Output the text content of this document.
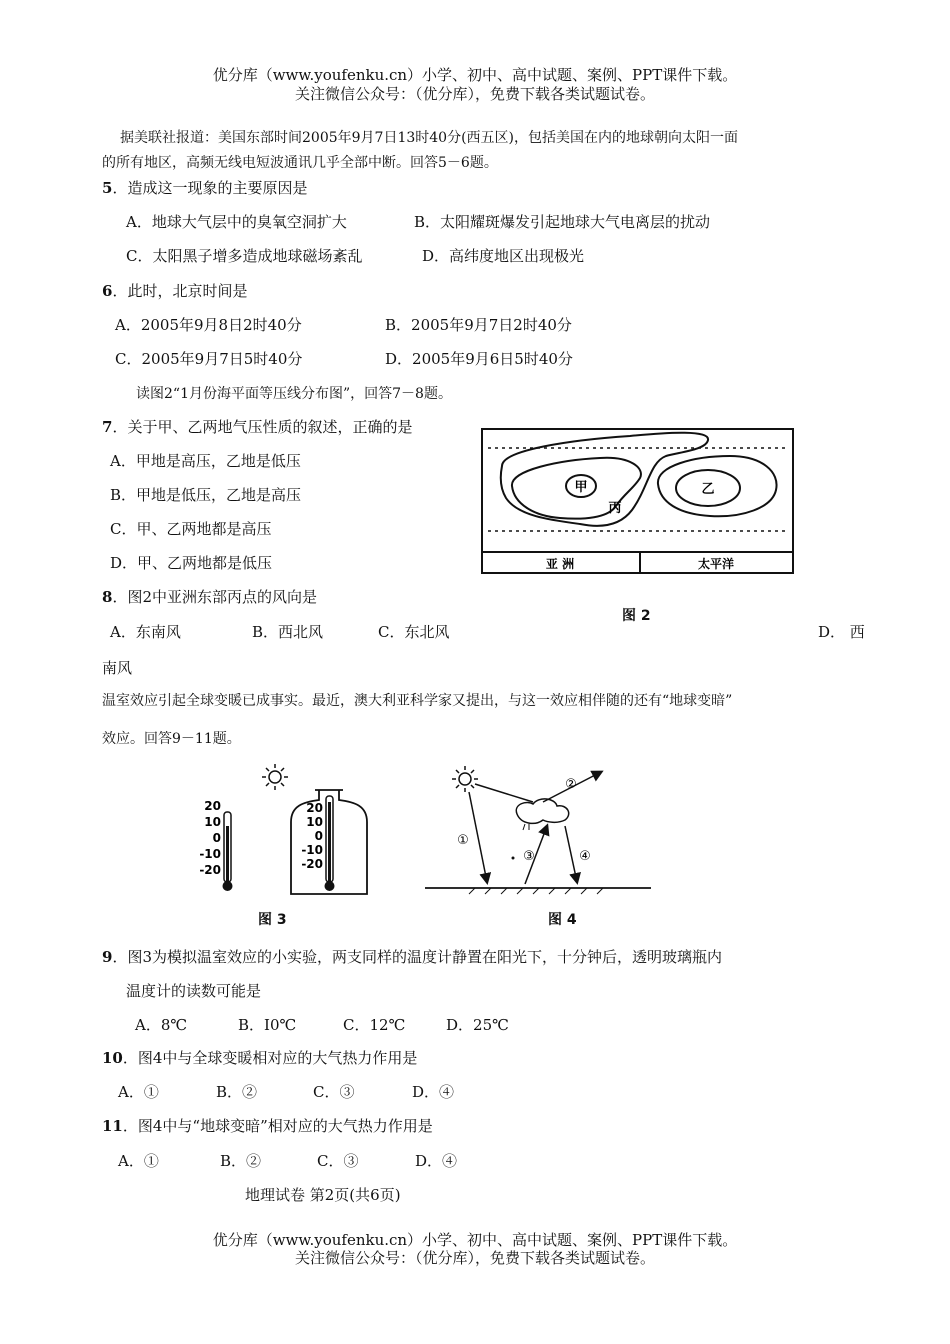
优分库（www.youfenku.cn）小学、初中、高中试题、案例、PPT课件下载。
关注微信公众号：（优分库），免费下载各类试题试卷。
据美联社报道：美国东部时间2005年9月7日13时40分(西五区)，包括美国在内的地球朝向太阳一面
的所有地区，高频无线电短波通讯几乎全部中断。回答5－6题。
5．造成这一现象的主要原因是
A．地球大气层中的臭氧空洞扩大	B．太阳耀斑爆发引起地球大气电离层的扰动
C．太阳黑子增多造成地球磁场紊乱	D．高纬度地区出现极光
6．此时，北京时间是
A．2005年9月8日2时40分	B．2005年9月7日2时40分
C．2005年9月7日5时40分	D．2005年9月6日5时40分
读图2“1月份海平面等压线分布图”，回答7－8题。
7．关于甲、乙两地气压性质的叙述，正确的是
A．甲地是高压，乙地是低压
B．甲地是低压，乙地是高压
C．甲、乙两地都是高压
D．甲、乙两地都是低压
甲
丙
乙
亚 洲	太平洋
图 2
8．图2中亚洲东部丙点的风向是
A．东南风	B．西北风	C．东北风	D． 西
南风
温室效应引起全球变暖已成事实。最近，澳大利亚科学家又提出，与这一效应相伴随的还有“地球变暗”
效应。回答9－11题。
20
10
0
-10
-20
20
10
0
-10
-20
图 3
①
②
③	④
图 4
9．图3为模拟温室效应的小实验，两支同样的温度计静置在阳光下，十分钟后，透明玻璃瓶内
温度计的读数可能是
A．8℃	B．I0℃	C．12℃	D．25℃
10．图4中与全球变暖相对应的大气热力作用是
A．①	B．②	C．③	D．④
11．图4中与“地球变暗”相对应的大气热力作用是
A．①	B．②	C．③	D．④
地理试卷 第2页(共6页)
优分库（www.youfenku.cn）小学、初中、高中试题、案例、PPT课件下载。
关注微信公众号：（优分库），免费下载各类试题试卷。
